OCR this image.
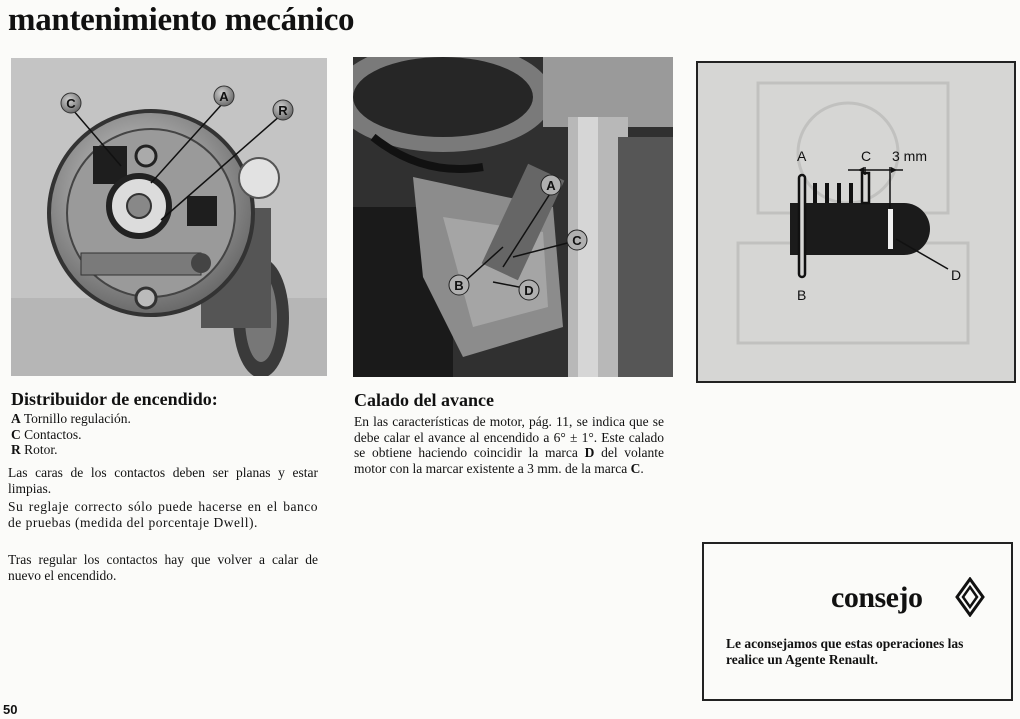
mantenimiento mecánico
C	A
R
A
C
B	D
A	C 3 mm
B
D
Distribuidor de encendido:
A Tornillo regulación.
C Contactos.
R Rotor.
Las caras de los contactos deben ser planas y estar limpias.
Su reglaje correcto sólo puede hacerse en el banco de pruebas (medida del porcentaje Dwell).
Tras regular los contactos hay que volver a calar de nuevo el encendido.
Calado del avance
En las características de motor, pág. 11, se indica que se debe calar el avance al encendido a 6° ± 1°. Este calado se obtiene haciendo coincidir la marca D del volante motor con la marcar existente a 3 mm. de la marca C.
consejo
Le aconsejamos que estas operaciones las realice un Agente Renault.
50
